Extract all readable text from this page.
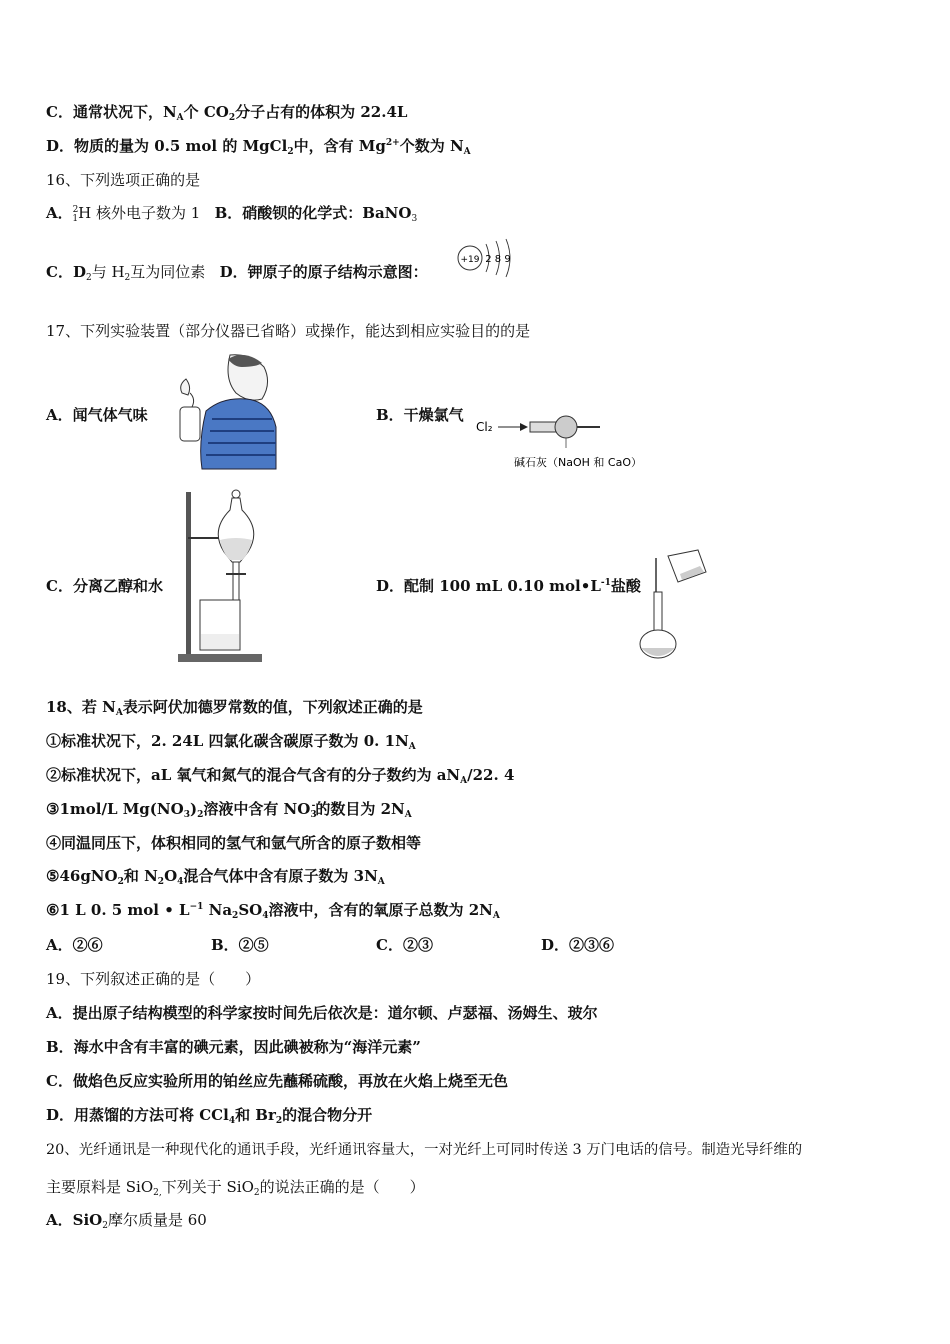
C．通常状况下，$N_A$个 $CO_2$分子占有的体积为 22.4L
D．物质的量为 0.5 mol 的 MgCl$_2$中，含有 $Mg^{2+}$个数为 $N_A$
16、下列选项正确的是
A．$^2_1$H 核外电子数为 1 B．硝酸钡的化学式：BaNO$_3$
C．$D_2$与 $H_2$互为同位素 D．钾原子的原子结构示意图：
+19 2 8 9
17、下列实验装置（部分仪器已省略）或操作，能达到相应实验目的的是
A．闻气体气味	B．干燥氯气
Cl₂
碱石灰（NaOH 和 CaO）
C．分离乙醇和水	D．配制 100 mL 0.10 $mol•L^{-1}$盐酸
18、若 $N_A$表示阿伏加德罗常数的值，下列叙述正确的是
①标准状况下，2. 24L 四氯化碳含碳原子数为 0. $1N_A$
②标准状况下，aL 氧气和氮气的混合气含有的分子数约为 $aN_A/22$. 4
③1mol/L $Mg(NO_3)_2$溶液中含有 $NO_3^-$的数目为 $2N_A$
④同温同压下，体积相同的氢气和氩气所含的原子数相等
⑤46gNO$_2$和 $N_2O_4$混合气体中含有原子数为 $3N_A$
⑥1 L 0. 5 mol • $L^{-1}$ $Na_2SO_4$溶液中，含有的氧原子总数为 $2N_A$
A．②⑥	B．②⑤	C．②③	D．②③⑥
19、下列叙述正确的是（　　）
A．提出原子结构模型的科学家按时间先后依次是：道尔顿、卢瑟福、汤姆生、玻尔
B．海水中含有丰富的碘元素，因此碘被称为“海洋元素”
C．做焰色反应实验所用的铂丝应先蘸稀硫酸，再放在火焰上烧至无色
D．用蒸馏的方法可将 CCl$_4$和 $Br_2$的混合物分开
20、光纤通讯是一种现代化的通讯手段，光纤通讯容量大，一对光纤上可同时传送 3 万门电话的信号。制造光导纤维的
主要原料是 SiO$_{2,}$下列关于 SiO$_2$的说法正确的是（　　）
A．SiO$_2$摩尔质量是 60
